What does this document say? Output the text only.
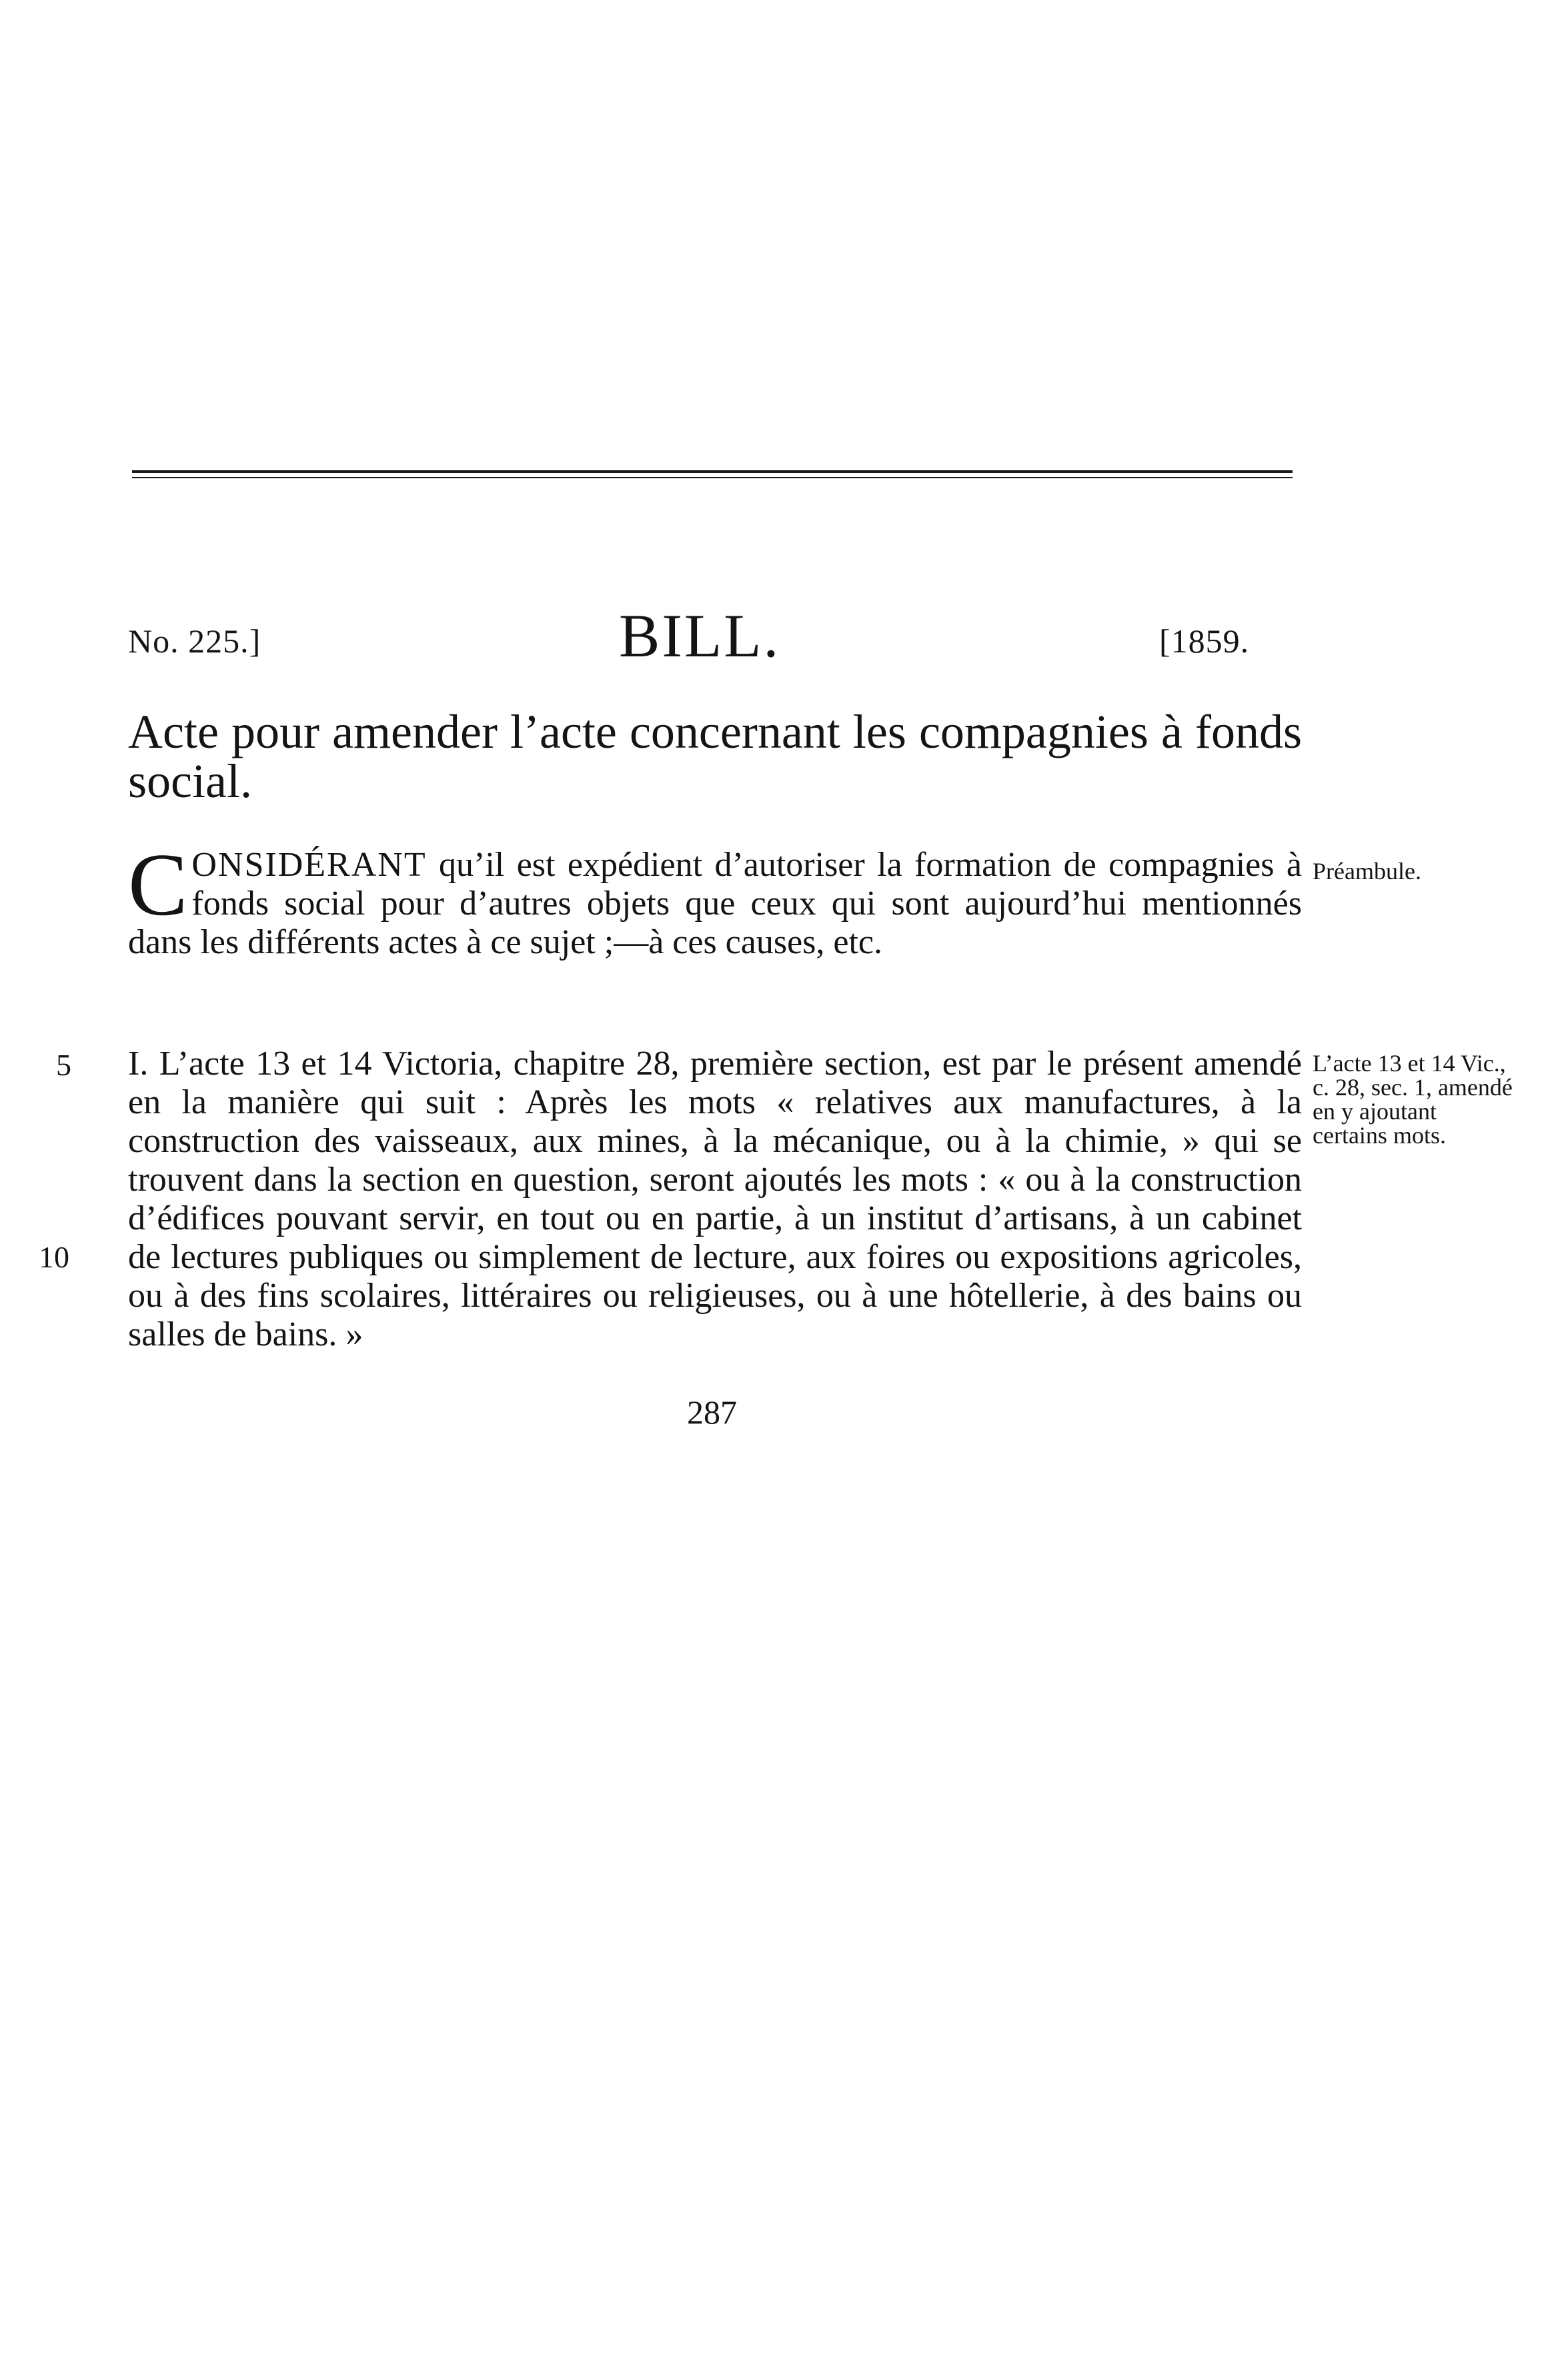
No. 225.]	BILL.	[1859.
Acte pour amender l’acte concernant les compagnies à fonds social.
CONSIDÉRANT qu’il est expédient d’autoriser la formation de compagnies à fonds social pour d’autres objets que ceux qui sont aujourd’hui mentionnés dans les différents actes à ce sujet ;—à ces causes, etc.
Préambule.
5 I. L’acte 13 et 14 Victoria, chapitre 28, première section, est par le présent amendé en la manière qui suit : Après les mots « relatives aux manufactures, à la construction des vaisseaux, aux mines, à la mécanique, ou à la chimie, » qui se trouvent dans la section en question, seront ajoutés les mots : « ou à la construction d’édifices pouvant servir, en tout ou en partie, à un institut d’artisans, à un cabinet de lectures publiques ou simplement de lecture, aux foires ou expositions agricoles, ou à des fins scolaires, littéraires ou religieuses, ou à une hôtellerie, à des bains ou salles de bains. »
L’acte 13 et 14 Vic., c. 28, sec. 1, amendé en y ajoutant certains mots.
10
287
